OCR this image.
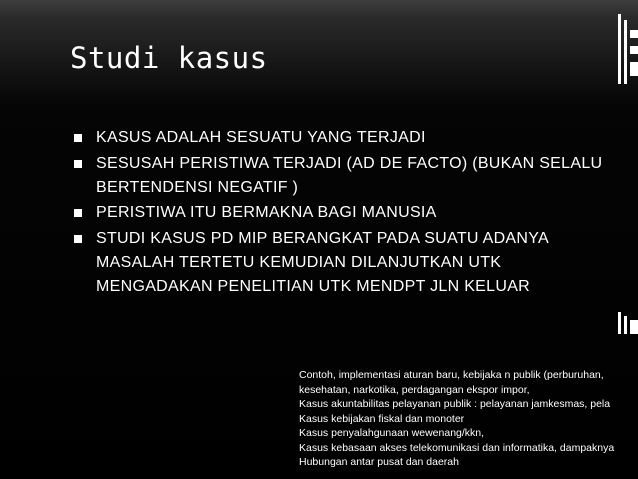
Studi kasus
KASUS ADALAH SESUATU YANG TERJADI
SESUSAH PERISTIWA TERJADI (AD DE FACTO) (BUKAN SELALU BERTENDENSI NEGATIF )
PERISTIWA ITU BERMAKNA BAGI MANUSIA
STUDI KASUS PD MIP BERANGKAT PADA SUATU ADANYA MASALAH TERTETU KEMUDIAN DILANJUTKAN UTK MENGADAKAN PENELITIAN UTK MENDPT JLN KELUAR
Contoh, implementasi aturan baru, kebijaka n publik (perburuhan,
kesehatan, narkotika, perdagangan ekspor impor,
Kasus akuntabilitas pelayanan publik : pelayanan jamkesmas, pela
Kasus kebijakan fiskal dan monoter
Kasus penyalahgunaan wewenang/kkn,
Kasus kebasaan akses telekomunikasi dan informatika, dampaknya
Hubungan antar pusat dan daerah
